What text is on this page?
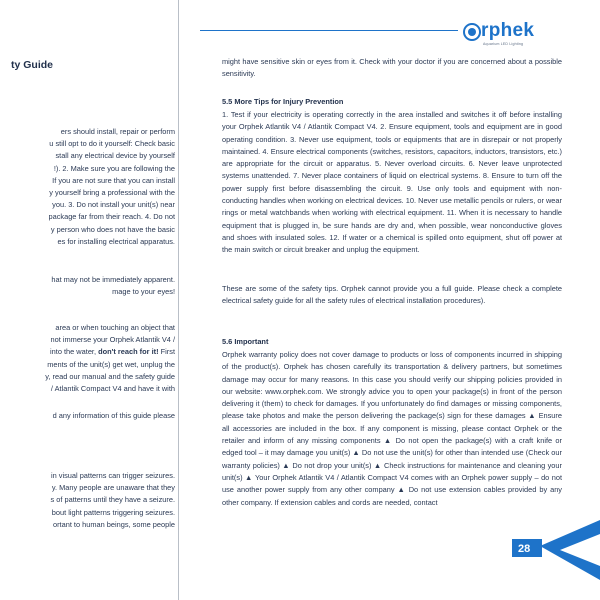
ty Guide
ers should install, repair or perform
u still opt to do it yourself: Check basic
stall any electrical device by yourself
!). 2. Make sure you are following the
If you are not sure that you can install
y yourself bring a professional with the
you. 3. Do not install your unit(s) near
package far from their reach. 4. Do not
y person who does not have the basic
es for installing electrical apparatus.
hat may not be immediately apparent.
mage to your eyes!
area or when touching an object that
not immerse your Orphek Atlantik V4 /
into the water, don't reach for it! First
ments of the unit(s) get wet, unplug the
y, read our manual and the safety guide
/ Atlantik Compact V4 and have it with
d any information of this guide please
in visual patterns can trigger seizures.
y. Many people are unaware that they
s of patterns until they have a seizure.
bout light patterns triggering seizures.
ortant to human beings, some people
rphek
Aquarium LED Lighting
might have sensitive skin or eyes from it. Check with your doctor if you are concerned about a possible sensitivity.
5.5 More Tips for Injury Prevention
1. Test if your electricity is operating correctly in the area installed and switches it off before installing your Orphek Atlantik V4 / Atlantik Compact V4. 2. Ensure equipment, tools and equipment are in good operating condition. 3. Never use equipment, tools or equipments that are in disrepair or not properly maintained. 4. Ensure electrical components (switches, resistors, capacitors, inductors, transistors, etc.) are appropriate for the circuit or apparatus. 5. Never overload circuits. 6. Never leave unprotected systems unattended. 7. Never place containers of liquid on electrical systems. 8. Ensure to turn off the power supply first before disassembling the circuit. 9. Use only tools and equipment with non-conducting handles when working on electrical devices. 10. Never use metallic pencils or rulers, or wear rings or metal watchbands when working with electrical equipment. 11. When it is necessary to handle equipment that is plugged in, be sure hands are dry and, when possible, wear nonconductive gloves and shoes with insulated soles. 12. If water or a chemical is spilled onto equipment, shut off power at the main switch or circuit breaker and unplug the equipment.
These are some of the safety tips. Orphek cannot provide you a full guide. Please check a complete electrical safety guide for all the safety rules of electrical installation procedures).
5.6 Important
Orphek warranty policy does not cover damage to products or loss of components incurred in shipping of the product(s). Orphek has chosen carefully its transportation & delivery partners, but sometimes damage may occur for many reasons. In this case you should verify our shipping policies provided in our website: www.orphek.com. We strongly advice you to open your package(s) in front of the person delivering it (them) to check for damages. If you unfortunately do find damages or missing components, please take photos and make the person delivering the package(s) sign for these damages ▲ Ensure all accessories are included in the box. If any component is missing, please contact Orphek or the retailer and inform of any missing components ▲ Do not open the package(s) with a craft knife or edged tool – it may damage you unit(s) ▲ Do not use the unit(s) for other than intended use (Check our warranty policies) ▲ Do not drop your unit(s) ▲ Check instructions for maintenance and cleaning your unit(s) ▲ Your Orphek Atlantik V4 / Atlantik Compact V4 comes with an Orphek power supply – do not use another power supply from any other company ▲ Do not use extension cables provided by any other company. If extension cables and cords are needed, contact
28
